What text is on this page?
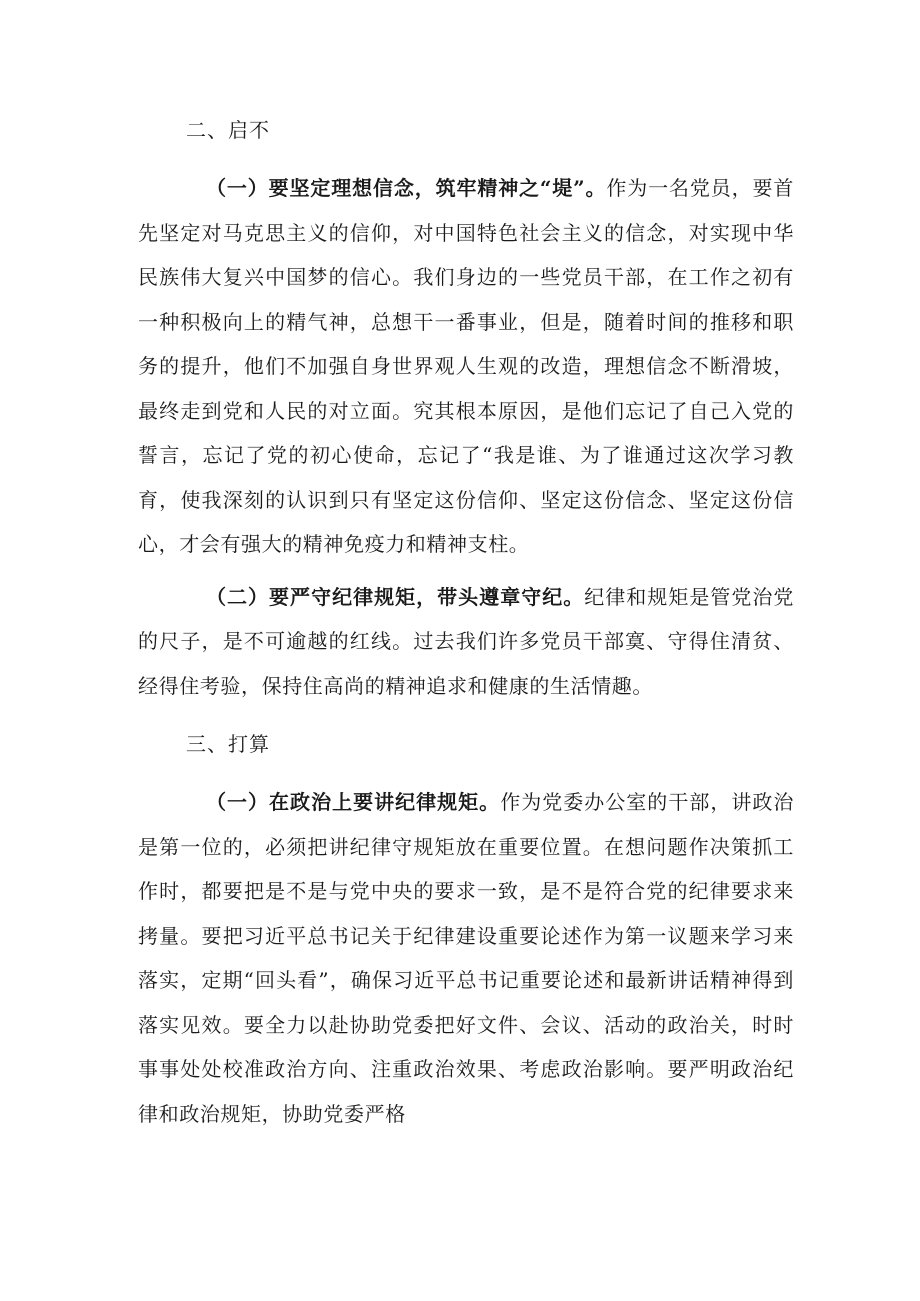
二、启不

（一）要坚定理想信念，筑牢精神之“堤”。作为一名党员，要首先坚定对马克思主义的信仰，对中国特色社会主义的信念，对实现中华民族伟大复兴中国梦的信心。我们身边的一些党员干部，在工作之初有一种积极向上的精气神，总想干一番事业，但是，随着时间的推移和职务的提升，他们不加强自身世界观人生观的改造，理想信念不断滑坡，最终走到党和人民的对立面。究其根本原因，是他们忘记了自己入党的誓言，忘记了党的初心使命，忘记了“我是谁、为了谁通过这次学习教育，使我深刻的认识到只有坚定这份信仰、坚定这份信念、坚定这份信心，才会有强大的精神免疫力和精神支柱。

（二）要严守纪律规矩，带头遵章守纪。纪律和规矩是管党治党的尺子，是不可逾越的红线。过去我们许多党员干部寞、守得住清贫、经得住考验，保持住高尚的精神追求和健康的生活情趣。

三、打算

（一）在政治上要讲纪律规矩。作为党委办公室的干部，讲政治是第一位的，必须把讲纪律守规矩放在重要位置。在想问题作决策抓工作时，都要把是不是与党中央的要求一致，是不是符合党的纪律要求来拷量。要把习近平总书记关于纪律建设重要论述作为第一议题来学习来落实，定期“回头看”，确保习近平总书记重要论述和最新讲话精神得到落实见效。要全力以赴协助党委把好文件、会议、活动的政治关，时时事事处处校准政治方向、注重政治效果、考虑政治影响。要严明政治纪律和政治规矩，协助党委严格
